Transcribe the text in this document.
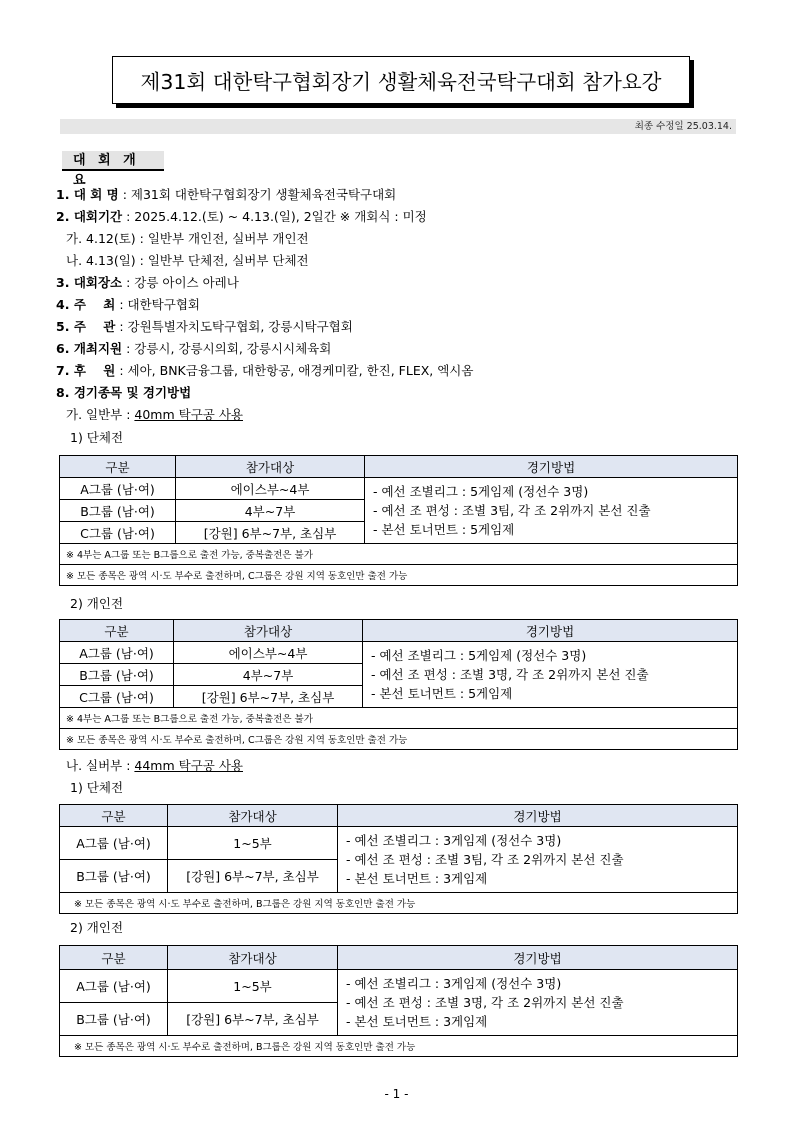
제31회 대한탁구협회장기 생활체육전국탁구대회 참가요강
최종 수정일 25.03.14.
대 회 개 요
1. 대 회 명 : 제31회 대한탁구협회장기 생활체육전국탁구대회
2. 대회기간 : 2025.4.12.(토) ~ 4.13.(일), 2일간 ※ 개회식 : 미정
가. 4.12(토) : 일반부 개인전, 실버부 개인전
나. 4.13(일) : 일반부 단체전, 실버부 단체전
3. 대회장소 : 강릉 아이스 아레나
4. 주    최 : 대한탁구협회
5. 주    관 : 강원특별자치도탁구협회, 강릉시탁구협회
6. 개최지원 : 강릉시, 강릉시의회, 강릉시시체육회
7. 후    원 : 세아, BNK금융그룹, 대한항공, 애경케미칼, 한진, FLEX, 엑시옴
8. 경기종목 및 경기방법
가. 일반부 : 40mm 탁구공 사용
1) 단체전
구분	참가대상	경기방법
A그룹 (남·여)	에이스부~4부	- 예선 조별리그 : 5게임제 (정선수 3명)
- 예선 조 편성 : 조별 3팀, 각 조 2위까지 본선 진출
- 본선 토너먼트 : 5게임제

B그룹 (남·여)	4부~7부	
C그룹 (남·여)	[강원] 6부~7부, 초심부	
※ 4부는 A그룹 또는 B그룹으로 출전 가능, 중복출전은 불가		
※ 모든 종목은 광역 시·도 부수로 출전하며, C그룹은 강원 지역 동호인만 출전 가능		
2) 개인전
구분	참가대상	경기방법
A그룹 (남·여)	에이스부~4부	- 예선 조별리그 : 5게임제 (정선수 3명)
- 예선 조 편성 : 조별 3명, 각 조 2위까지 본선 진출
- 본선 토너먼트 : 5게임제

B그룹 (남·여)	4부~7부	
C그룹 (남·여)	[강원] 6부~7부, 초심부	
※ 4부는 A그룹 또는 B그룹으로 출전 가능, 중복출전은 불가		
※ 모든 종목은 광역 시·도 부수로 출전하며, C그룹은 강원 지역 동호인만 출전 가능		
나. 실버부 : 44mm 탁구공 사용
1) 단체전
구분	참가대상	경기방법
A그룹 (남·여)	1~5부	- 예선 조별리그 : 3게임제 (정선수 3명)
- 예선 조 편성 : 조별 3팀, 각 조 2위까지 본선 진출
- 본선 토너먼트 : 3게임제

B그룹 (남·여)	[강원] 6부~7부, 초심부	
※ 모든 종목은 광역 시·도 부수로 출전하며, B그룹은 강원 지역 동호인만 출전 가능		
2) 개인전
구분	참가대상	경기방법
A그룹 (남·여)	1~5부	- 예선 조별리그 : 3게임제 (정선수 3명)
- 예선 조 편성 : 조별 3명, 각 조 2위까지 본선 진출
- 본선 토너먼트 : 3게임제

B그룹 (남·여)	[강원] 6부~7부, 초심부	
※ 모든 종목은 광역 시·도 부수로 출전하며, B그룹은 강원 지역 동호인만 출전 가능		
- 1 -
